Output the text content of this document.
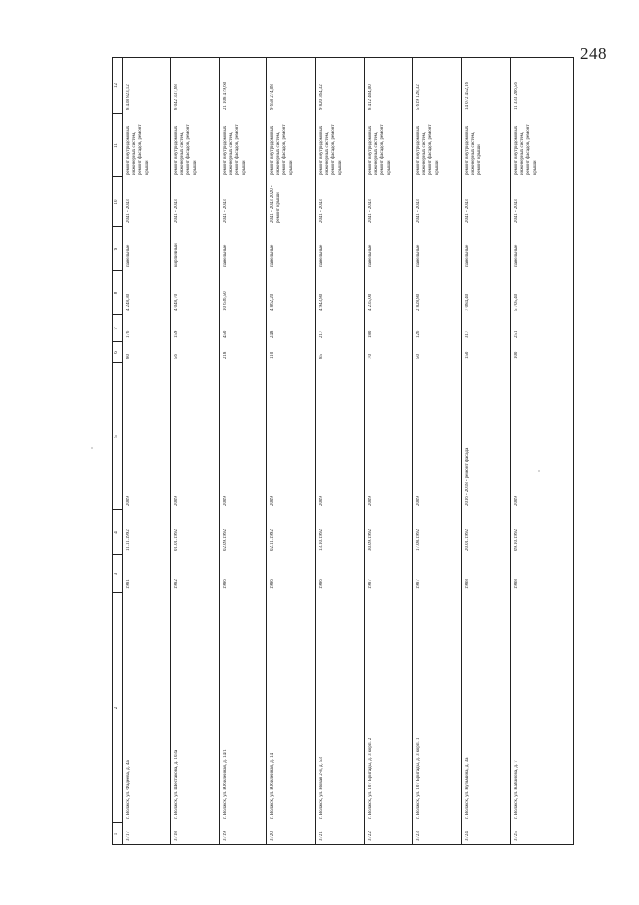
248
1
2
3
4
5
6
7
8
9
10
11
12
3717
г. Волжск, ул. Фадеева, д. 4а
1981
11.11.1992
2009
80
176
4 248,30
панельные
2041 - 2043
ремонт внутридомовых инженерных систем, ремонт фасадов, ремонт крыши
8 438 823,12
3718
г. Волжск, ул. Шестакова, д. 103а
1982
01.01.1992
2009
56
159
4 048,70
кирпичный
2041 - 2043
ремонт внутридомовых инженерных систем, ремонт фасадов, ремонт крыши
8 042 337,68
3719
г. Волжск, ул. Юбилейная, д. 14/1
1986
02.09.1992
2009
218
450
10 636,50
панельные
2041 - 2043
ремонт внутридомовых инженерных систем, ремонт фасадов, ремонт крыши
21 108 479,60
3720
г. Волжск, ул. Юбилейная, д. 14
1986
02.11.1992
2009
110
248
4 862,20
панельные
2041 - 2043 2020 - ремонт крыши
ремонт внутридомовых инженерных систем, ремонт фасадов, ремонт крыши
9 658 274,08
3721
г. Волжск, ул. Новая 2-я, д. 53
1986
13.10.1992
2009
85
217
4 943,80
панельные
2041 - 2043
ремонт внутридомовых инженерных систем, ремонт фасадов, ремонт крыши
9 820 364,32
3722
г. Волжск, ул. 107 Бригады, д. 3 корп. 2
1987
30.09.1992
2009
70
180
4 235,00
панельные
2041 - 2043
ремонт внутридомовых инженерных систем, ремонт фасадов, ремонт крыши
8 412 404,00
3723
г. Волжск, ул. 107 Бригады, д. 3 корп. 1
1987
17.08.1992
2009
50
126
2 828,80
панельные
2041 - 2043
ремонт внутридомовых инженерных систем, ремонт фасадов, ремонт крыши
5 619 128,32
3724
г. Волжск, ул. Кузьмина, д. 3а
1988
20.01.1992
2016 - 2018 - ремонт фасада
150
317
7 084,40
панельные
2041 - 2043
ремонт внутридомовых инженерных систем, ремонт крыши
14 072 452,16
3725
г. Волжск, ул. Кабанова, д. 7
1988
09.10.1992
2009
100
251
5 705,40
панельные
2041 - 2043
ремонт внутридомовых инженерных систем, ремонт фасадов, ремонт крыши
11 333 206,56
